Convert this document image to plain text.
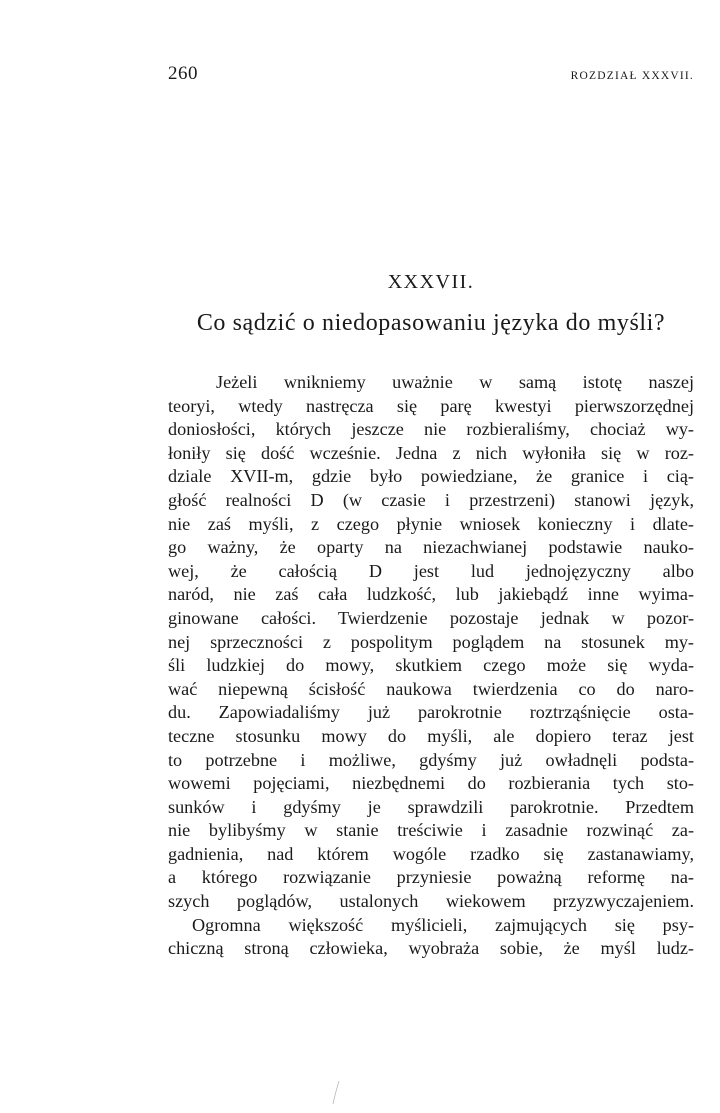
260	ROZDZIAŁ XXXVII.
XXXVII.
Co sądzić o niedopasowaniu języka do myśli?
Jeżeli wnikniemy uważnie w samą istotę naszej
teoryi, wtedy nastręcza się parę kwestyi pierwszorzędnej
doniosłości, których jeszcze nie rozbieraliśmy, chociaż wy-
łoniły się dość wcześnie. Jedna z nich wyłoniła się w roz-
dziale XVII-m, gdzie było powiedziane, że granice i cią-
głość realności D (w czasie i przestrzeni) stanowi język,
nie zaś myśli, z czego płynie wniosek konieczny i dlate-
go ważny, że oparty na niezachwianej podstawie nauko-
wej, że całością D jest lud jednojęzyczny albo
naród, nie zaś cała ludzkość, lub jakiebądź inne wyima-
ginowane całości. Twierdzenie pozostaje jednak w pozor-
nej sprzeczności z pospolitym poglądem na stosunek my-
śli ludzkiej do mowy, skutkiem czego może się wyda-
wać niepewną ścisłość naukowa twierdzenia co do naro-
du. Zapowiadaliśmy już parokrotnie roztrząśnięcie osta-
teczne stosunku mowy do myśli, ale dopiero teraz jest
to potrzebne i możliwe, gdyśmy już owładnęli podsta-
wowemi pojęciami, niezbędnemi do rozbierania tych sto-
sunków i gdyśmy je sprawdzili parokrotnie. Przedtem
nie bylibyśmy w stanie treściwie i zasadnie rozwinąć za-
gadnienia, nad którem wogóle rzadko się zastanawiamy,
a którego rozwiązanie przyniesie poważną reformę na-
szych poglądów, ustalonych wiekowem przyzwyczajeniem.
Ogromna większość myślicieli, zajmujących się psy-
chiczną stroną człowieka, wyobraża sobie, że myśl ludz-
